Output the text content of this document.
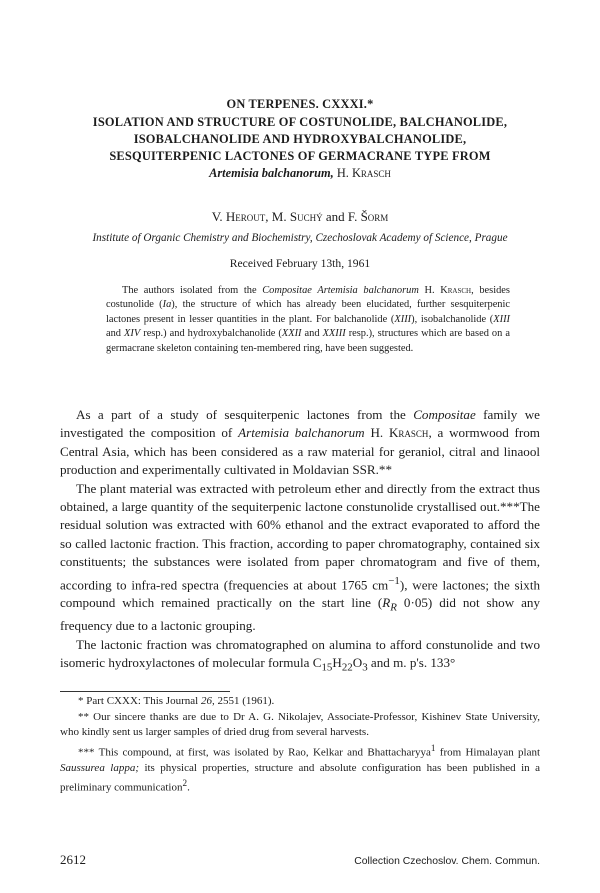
ON TERPENES. CXXXI.*
ISOLATION AND STRUCTURE OF COSTUNOLIDE, BALCHANOLIDE,
ISOBALCHANOLIDE AND HYDROXYBALCHANOLIDE,
SESQUITERPENIC LACTONES OF GERMACRANE TYPE FROM
Artemisia balchanorum, H. Krasch
V. Herout, M. Suchý and F. Šorm
Institute of Organic Chemistry and Biochemistry, Czechoslovak Academy of Science, Prague
Received February 13th, 1961
The authors isolated from the Compositae Artemisia balchanorum H. Krasch, besides costunolide (Ia), the structure of which has already been elucidated, further sesquiterpenic lactones present in lesser quantities in the plant. For balchanolide (XIII), isobalchanolide (XIII and XIV resp.) and hydroxybalchanolide (XXII and XXIII resp.), structures which are based on a germacrane skeleton containing ten-membered ring, have been suggested.

As a part of a study of sesquiterpenic lactones from the Compositae family we investigated the composition of Artemisia balchanorum H. Krasch, a wormwood from Central Asia, which has been considered as a raw material for geraniol, citral and linaool production and experimentally cultivated in Moldavian SSR.**

The plant material was extracted with petroleum ether and directly from the extract thus obtained, a large quantity of the sequiterpenic lactone constunolide crystallised out.***The residual solution was extracted with 60% ethanol and the extract evaporated to afford the so called lactonic fraction. This fraction, according to paper chromatography, contained six constituents; the substances were isolated from paper chromatogram and five of them, according to infra-red spectra (frequencies at about 1765 $cm^{-1}$), were lactones; the sixth compound which remained practically on the start line ($R_R$ 0·05) did not show any frequency due to a lactonic grouping.

The lactonic fraction was chromatographed on alumina to afford constunolide and two isomeric hydroxylactones of molecular formula $C_{15}H_{22}O_3$ and m. p's. 133°

* Part CXXX: This Journal 26, 2551 (1961).

** Our sincere thanks are due to Dr A. G. Nikolajev, Associate-Professor, Kishinev State University, who kindly sent us larger samples of dried drug from several harvests.

*** This compound, at first, was isolated by Rao, Kelkar and Bhattacharyya$^1$ from Himalayan plant Saussurea lappa; its physical properties, structure and absolute configuration has been published in a preliminary communication$^2$.

2612	Collection Czechoslov. Chem. Commun.
